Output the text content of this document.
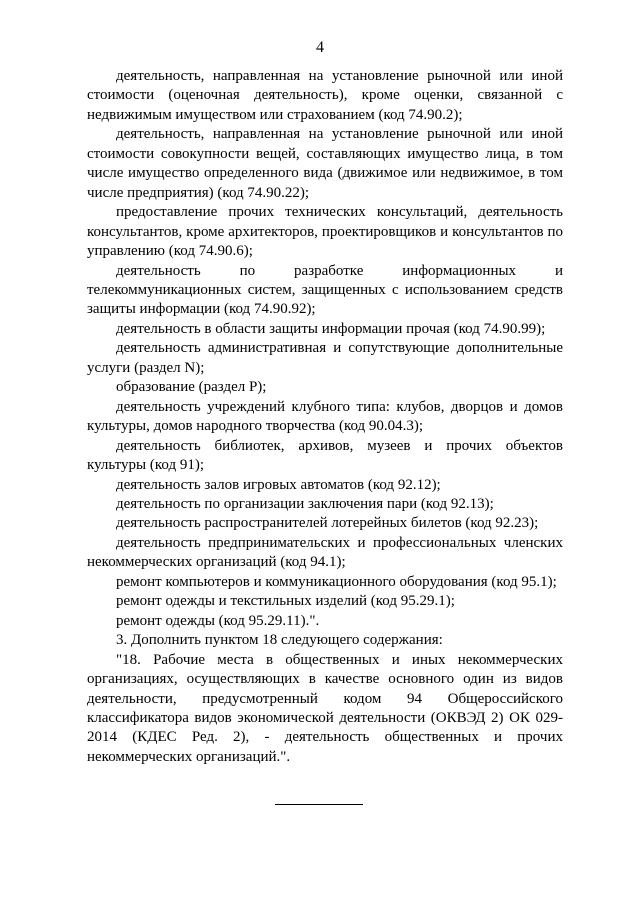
4

деятельность, направленная на установление рыночной или иной стоимости (оценочная деятельность), кроме оценки, связанной с недвижимым имуществом или страхованием (код 74.90.2);

деятельность, направленная на установление рыночной или иной стоимости совокупности вещей, составляющих имущество лица, в том числе имущество определенного вида (движимое или недвижимое, в том числе предприятия) (код 74.90.22);

предоставление прочих технических консультаций, деятельность консультантов, кроме архитекторов, проектировщиков и консультантов по управлению (код 74.90.6);

деятельность по разработке информационных и телекоммуникационных систем, защищенных с использованием средств защиты информации (код 74.90.92);

деятельность в области защиты информации прочая (код 74.90.99);

деятельность административная и сопутствующие дополнительные услуги (раздел N);

образование (раздел P);

деятельность учреждений клубного типа: клубов, дворцов и домов культуры, домов народного творчества (код 90.04.3);

деятельность библиотек, архивов, музеев и прочих объектов культуры (код 91);

деятельность залов игровых автоматов (код 92.12);

деятельность по организации заключения пари (код 92.13);

деятельность распространителей лотерейных билетов (код 92.23);

деятельность предпринимательских и профессиональных членских некоммерческих организаций (код 94.1);

ремонт компьютеров и коммуникационного оборудования (код 95.1);

ремонт одежды и текстильных изделий (код 95.29.1);

ремонт одежды (код 95.29.11).".

3. Дополнить пунктом 18 следующего содержания:

"18. Рабочие места в общественных и иных некоммерческих организациях, осуществляющих в качестве основного один из видов деятельности, предусмотренный кодом 94 Общероссийского классификатора видов экономической деятельности (ОКВЭД 2) ОК 029-2014 (КДЕС Ред. 2), - деятельность общественных и прочих некоммерческих организаций.".
